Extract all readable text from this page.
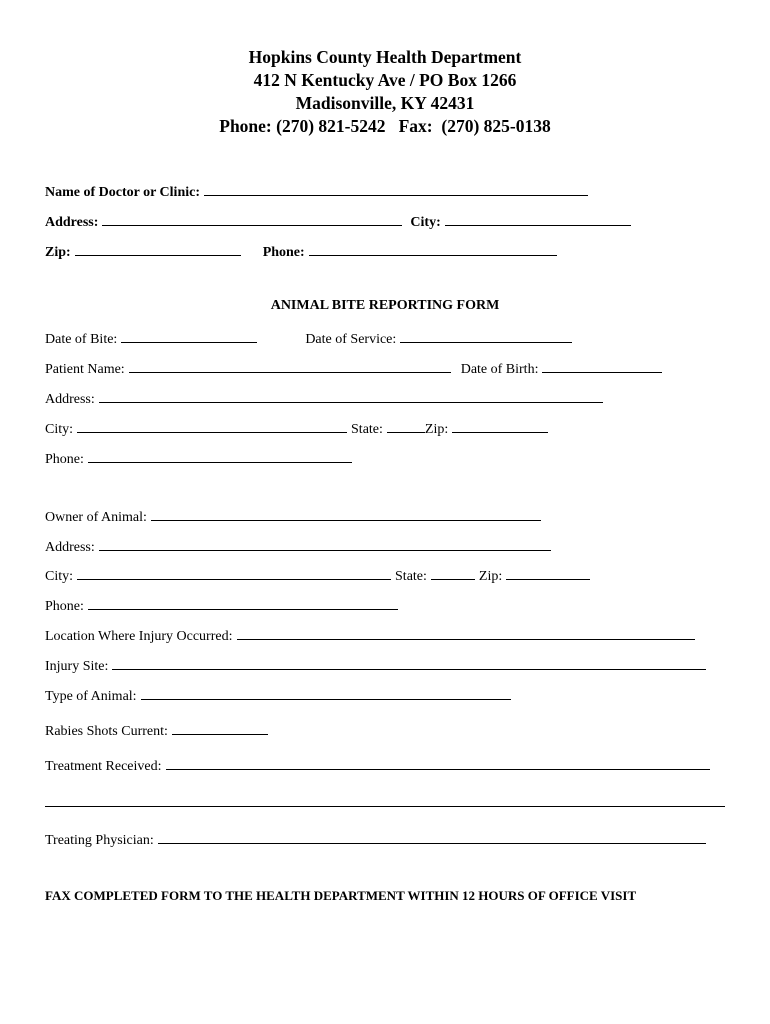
Hopkins County Health Department
412 N Kentucky Ave / PO Box 1266
Madisonville, KY 42431
Phone: (270) 821-5242   Fax:  (270) 825-0138
Name of Doctor or Clinic:
Address:	City:
Zip:	Phone:
ANIMAL BITE REPORTING FORM
Date of Bite:	Date of Service:
Patient Name:	Date of Birth:
Address:
City:	State:	Zip:
Phone:
Owner of Animal:
Address:
City:	State:	Zip:
Phone:
Location Where Injury Occurred:
Injury Site:
Type of Animal:
Rabies Shots Current:
Treatment Received:
Treating Physician:
FAX COMPLETED FORM TO THE HEALTH DEPARTMENT WITHIN 12 HOURS OF OFFICE VISIT
